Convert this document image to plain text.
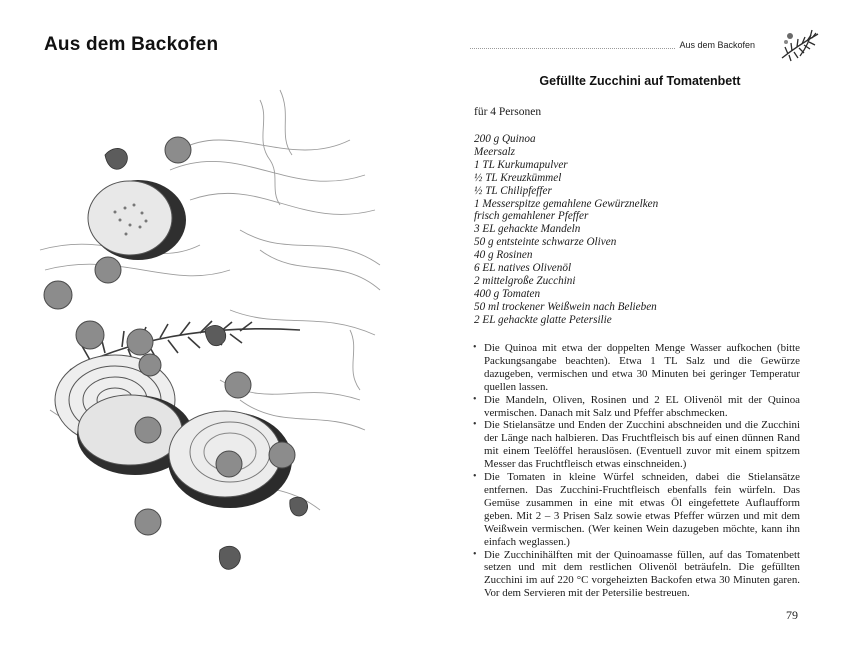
Aus dem Backofen	Aus dem Backofen
Gefüllte Zucchini auf Tomatenbett
für 4 Personen
200 g Quinoa
Meersalz
1 TL Kurkumapulver
½ TL Kreuzkümmel
½ TL Chilipfeffer
1 Messerspitze gemahlene Gewürznelken
frisch gemahlener Pfeffer
3 EL gehackte Mandeln
50 g entsteinte schwarze Oliven
40 g Rosinen
6 EL natives Olivenöl
2 mittelgroße Zucchini
400 g Tomaten
50 ml trockener Weißwein nach Belieben
2 EL gehackte glatte Petersilie
• Die Quinoa mit etwa der doppelten Menge Wasser aufkochen (bitte Packungsangabe beachten). Etwa 1 TL Salz und die Gewürze dazugeben, vermischen und etwa 30 Minuten bei geringer Temperatur quellen lassen.
• Die Mandeln, Oliven, Rosinen und 2 EL Olivenöl mit der Quinoa vermischen. Danach mit Salz und Pfeffer abschmecken.
• Die Stielansätze und Enden der Zucchini abschneiden und die Zucchini der Länge nach halbieren. Das Fruchtfleisch bis auf einen dünnen Rand mit einem Teelöffel herauslösen. (Eventuell zuvor mit einem spitzem Messer das Fruchtfleisch etwas einschneiden.)
• Die Tomaten in kleine Würfel schneiden, dabei die Stielansätze entfernen. Das Zucchini-Fruchtfleisch ebenfalls fein würfeln. Das Gemüse zusammen in eine mit etwas Öl eingefettete Auflaufform geben. Mit 2 – 3 Prisen Salz sowie etwas Pfeffer würzen und mit dem Weißwein vermischen. (Wer keinen Wein dazugeben möchte, kann ihn einfach weglassen.)
• Die Zucchinihälften mit der Quinoamasse füllen, auf das Tomatenbett setzen und mit dem restlichen Olivenöl beträufeln. Die gefüllten Zucchini im auf 220 °C vorgeheizten Backofen etwa 30 Minuten garen. Vor dem Servieren mit der Petersilie bestreuen.
79
